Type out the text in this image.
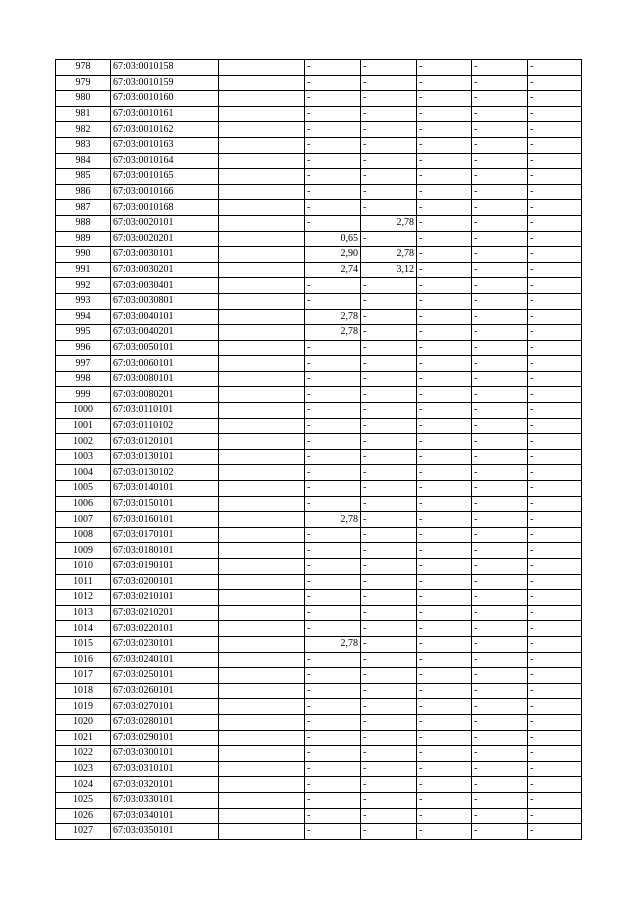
978	67:03:0010158		-	-	-	-	-
979	67:03:0010159		-	-	-	-	-
980	67:03:0010160		-	-	-	-	-
981	67:03:0010161		-	-	-	-	-
982	67:03:0010162		-	-	-	-	-
983	67:03:0010163		-	-	-	-	-
984	67:03:0010164		-	-	-	-	-
985	67:03:0010165		-	-	-	-	-
986	67:03:0010166		-	-	-	-	-
987	67:03:0010168		-	-	-	-	-
988	67:03:0020101		-	2,78	-	-	-
989	67:03:0020201		0,65	-	-	-	-
990	67:03:0030101		2,90	2,78	-	-	-
991	67:03:0030201		2,74	3,12	-	-	-
992	67:03:0030401		-	-	-	-	-
993	67:03:0030801		-	-	-	-	-
994	67:03:0040101		2,78	-	-	-	-
995	67:03:0040201		2,78	-	-	-	-
996	67:03:0050101		-	-	-	-	-
997	67:03:0060101		-	-	-	-	-
998	67:03:0080101		-	-	-	-	-
999	67:03:0080201		-	-	-	-	-
1000	67:03:0110101		-	-	-	-	-
1001	67:03:0110102		-	-	-	-	-
1002	67:03:0120101		-	-	-	-	-
1003	67:03:0130101		-	-	-	-	-
1004	67:03:0130102		-	-	-	-	-
1005	67:03:0140101		-	-	-	-	-
1006	67:03:0150101		-	-	-	-	-
1007	67:03:0160101		2,78	-	-	-	-
1008	67:03:0170101		-	-	-	-	-
1009	67:03:0180101		-	-	-	-	-
1010	67:03:0190101		-	-	-	-	-
1011	67:03:0200101		-	-	-	-	-
1012	67:03:0210101		-	-	-	-	-
1013	67:03:0210201		-	-	-	-	-
1014	67:03:0220101		-	-	-	-	-
1015	67:03:0230101		2,78	-	-	-	-
1016	67:03:0240101		-	-	-	-	-
1017	67:03:0250101		-	-	-	-	-
1018	67:03:0260101		-	-	-	-	-
1019	67:03:0270101		-	-	-	-	-
1020	67:03:0280101		-	-	-	-	-
1021	67:03:0290101		-	-	-	-	-
1022	67:03:0300101		-	-	-	-	-
1023	67:03:0310101		-	-	-	-	-
1024	67:03:0320101		-	-	-	-	-
1025	67:03:0330101		-	-	-	-	-
1026	67:03:0340101		-	-	-	-	-
1027	67:03:0350101		-	-	-	-	-
